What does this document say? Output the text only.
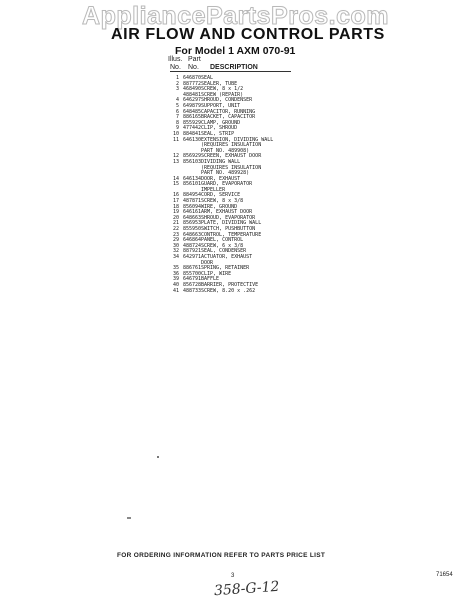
AppliancePartsPros.com
AIR FLOW AND CONTROL PARTS
For Model 1 AXM 070-91
Illus. Part
No. No. DESCRIPTION
1 646870 SEAL
2 887772 SEALER, TUBE
3 468490 SCREW, 8 x 1/2
488481 SCREW (REPAIR)
4 646297 SHROUD, CONDENSER
5 649879 SUPPORT, UNIT
6 648485 CAPACITOR, RUNNING
7 886165 BRACKET, CAPACITOR
8 855929 CLAMP, GROUND
9 477442 CLIP, SHROUD
10 884841 SEAL, STRIP
11 646130 EXTENSION, DIVIDING WALL
(REQUIRES INSULATION
PART NO. 489908)
12 856929 SCREEN, EXHAUST DOOR
13 856103 DIVIDING WALL
(REQUIRES INSULATION
PART NO. 489928)
14 646134 DOOR, EXHAUST
15 856101 GUARD, EVAPORATOR
IMPELLER
16 884954 CORD, SERVICE
17 487871 SCREW, 8 x 3/8
18 856094 WIRE, GROUND
19 646161 ARM, EXHAUST DOOR
20 648663 SHROUD, EVAPORATOR
21 856953 PLATE, DIVIDING WALL
22 855950 SWITCH, PUSHBUTTON
23 648663 CONTROL, TEMPERATURE
29 646864 PANEL, CONTROL
30 488724 SCREW, 6 x 3/8
32 887921 SEAL, CONDENSER
34 642971 ACTUATOR, EXHAUST
DOOR
35 886761 SPRING, RETAINER
36 855700 CLIP, WIRE
39 646791 BAFFLE
40 856728 BARRIER, PROTECTIVE
41 488733 SCREW, 8.20 x .262
FOR ORDERING INFORMATION REFER TO PARTS PRICE LIST
3	71654
358-G-12
